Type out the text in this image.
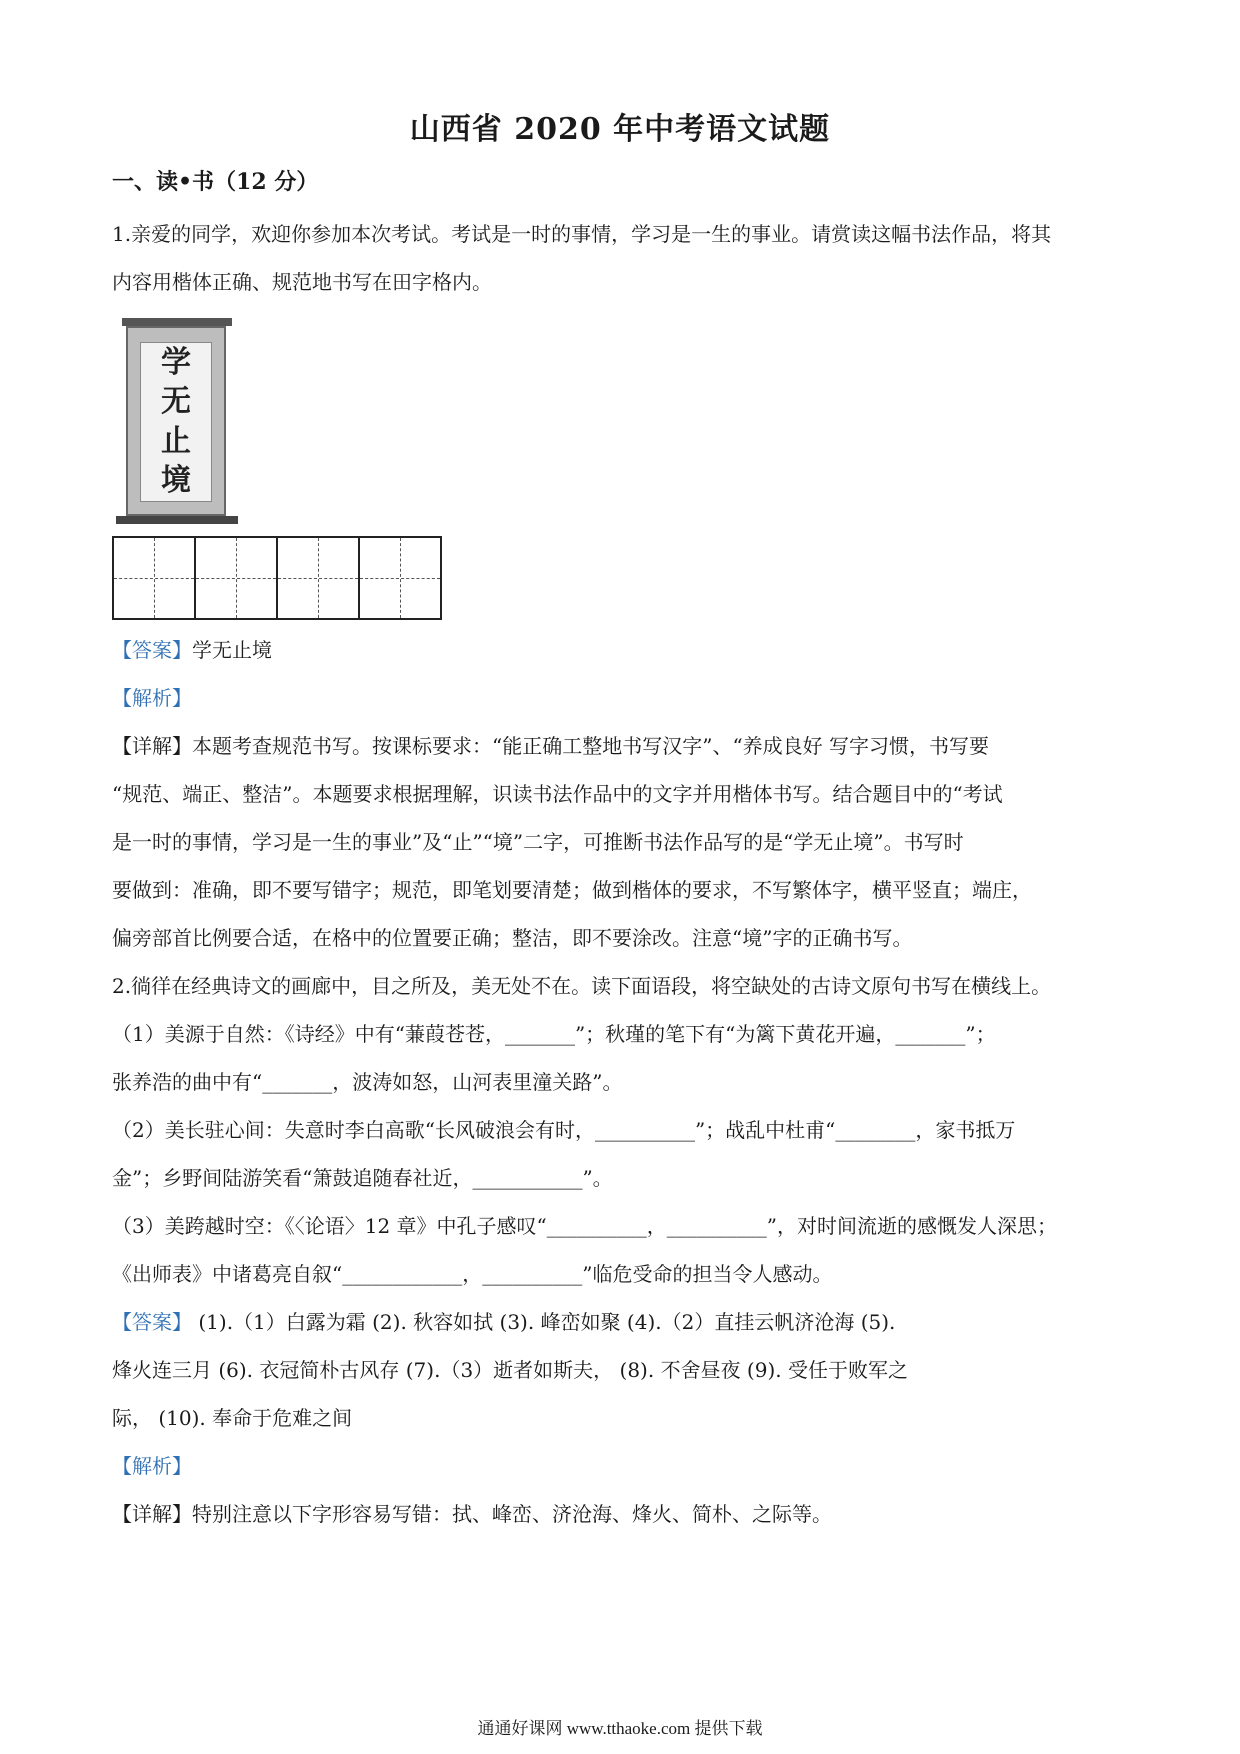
山西省 2020 年中考语文试题
一、读•书（12 分）
1.亲爱的同学，欢迎你参加本次考试。考试是一时的事情，学习是一生的事业。请赏读这幅书法作品，将其
内容用楷体正确、规范地书写在田字格内。
学
无
止
境
【答案】学无止境
【解析】
【详解】本题考查规范书写。按课标要求：“能正确工整地书写汉字”、“养成良好 写字习惯，书写要
“规范、端正、整洁”。本题要求根据理解，识读书法作品中的文字并用楷体书写。结合题目中的“考试
是一时的事情，学习是一生的事业”及“止”“境”二字，可推断书法作品写的是“学无止境”。书写时
要做到：准确，即不要写错字；规范，即笔划要清楚；做到楷体的要求，不写繁体字，横平竖直；端庄，
偏旁部首比例要合适，在格中的位置要正确；整洁，即不要涂改。注意“境”字的正确书写。
2.徜徉在经典诗文的画廊中，目之所及，美无处不在。读下面语段，将空缺处的古诗文原句书写在横线上。
（1）美源于自然：《诗经》中有“蒹葭苍苍，_______”；秋瑾的笔下有“为篱下黄花开遍，_______”；
张养浩的曲中有“_______，波涛如怒，山河表里潼关路”。
（2）美长驻心间：失意时李白高歌“长风破浪会有时，__________”；战乱中杜甫“________，家书抵万
金”；乡野间陆游笑看“箫鼓追随春社近，___________”。
（3）美跨越时空：《〈论语〉12 章》中孔子感叹“__________，__________”，对时间流逝的感慨发人深思；
《出师表》中诸葛亮自叙“____________，__________”临危受命的担当令人感动。
【答案】 (1).（1）白露为霜 (2). 秋容如拭 (3). 峰峦如聚 (4).（2）直挂云帆济沧海 (5).
烽火连三月 (6). 衣冠简朴古风存 (7).（3）逝者如斯夫， (8). 不舍昼夜 (9). 受任于败军之
际， (10). 奉命于危难之间
【解析】
【详解】特别注意以下字形容易写错：拭、峰峦、济沧海、烽火、简朴、之际等。
通通好课网 www.tthaoke.com 提供下载
